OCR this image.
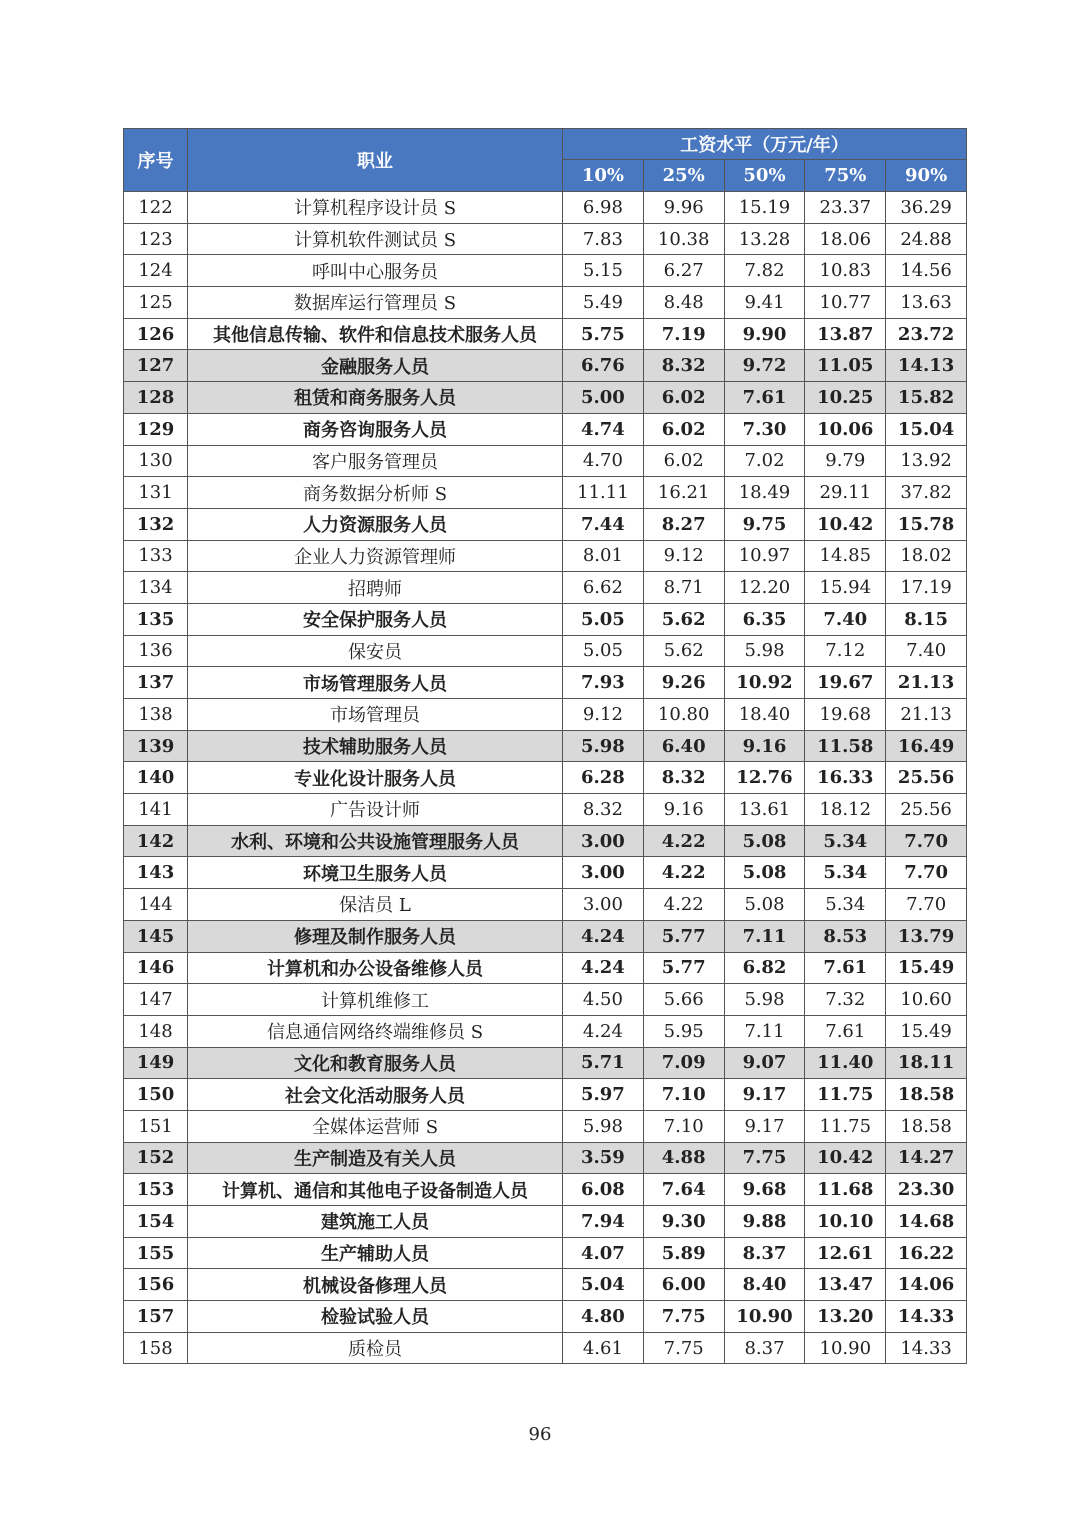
序号	职业	工资水平（万元/年）				
		10%	25%	50%	75%	90%
122	计算机程序设计员 S	6.98	9.96	15.19	23.37	36.29
123	计算机软件测试员 S	7.83	10.38	13.28	18.06	24.88
124	呼叫中心服务员	5.15	6.27	7.82	10.83	14.56
125	数据库运行管理员 S	5.49	8.48	9.41	10.77	13.63
126	其他信息传输、软件和信息技术服务人员	5.75	7.19	9.90	13.87	23.72
127	金融服务人员	6.76	8.32	9.72	11.05	14.13
128	租赁和商务服务人员	5.00	6.02	7.61	10.25	15.82
129	商务咨询服务人员	4.74	6.02	7.30	10.06	15.04
130	客户服务管理员	4.70	6.02	7.02	9.79	13.92
131	商务数据分析师 S	11.11	16.21	18.49	29.11	37.82
132	人力资源服务人员	7.44	8.27	9.75	10.42	15.78
133	企业人力资源管理师	8.01	9.12	10.97	14.85	18.02
134	招聘师	6.62	8.71	12.20	15.94	17.19
135	安全保护服务人员	5.05	5.62	6.35	7.40	8.15
136	保安员	5.05	5.62	5.98	7.12	7.40
137	市场管理服务人员	7.93	9.26	10.92	19.67	21.13
138	市场管理员	9.12	10.80	18.40	19.68	21.13
139	技术辅助服务人员	5.98	6.40	9.16	11.58	16.49
140	专业化设计服务人员	6.28	8.32	12.76	16.33	25.56
141	广告设计师	8.32	9.16	13.61	18.12	25.56
142	水利、环境和公共设施管理服务人员	3.00	4.22	5.08	5.34	7.70
143	环境卫生服务人员	3.00	4.22	5.08	5.34	7.70
144	保洁员 L	3.00	4.22	5.08	5.34	7.70
145	修理及制作服务人员	4.24	5.77	7.11	8.53	13.79
146	计算机和办公设备维修人员	4.24	5.77	6.82	7.61	15.49
147	计算机维修工	4.50	5.66	5.98	7.32	10.60
148	信息通信网络终端维修员 S	4.24	5.95	7.11	7.61	15.49
149	文化和教育服务人员	5.71	7.09	9.07	11.40	18.11
150	社会文化活动服务人员	5.97	7.10	9.17	11.75	18.58
151	全媒体运营师 S	5.98	7.10	9.17	11.75	18.58
152	生产制造及有关人员	3.59	4.88	7.75	10.42	14.27
153	计算机、通信和其他电子设备制造人员	6.08	7.64	9.68	11.68	23.30
154	建筑施工人员	7.94	9.30	9.88	10.10	14.68
155	生产辅助人员	4.07	5.89	8.37	12.61	16.22
156	机械设备修理人员	5.04	6.00	8.40	13.47	14.06
157	检验试验人员	4.80	7.75	10.90	13.20	14.33
158	质检员	4.61	7.75	8.37	10.90	14.33
96
